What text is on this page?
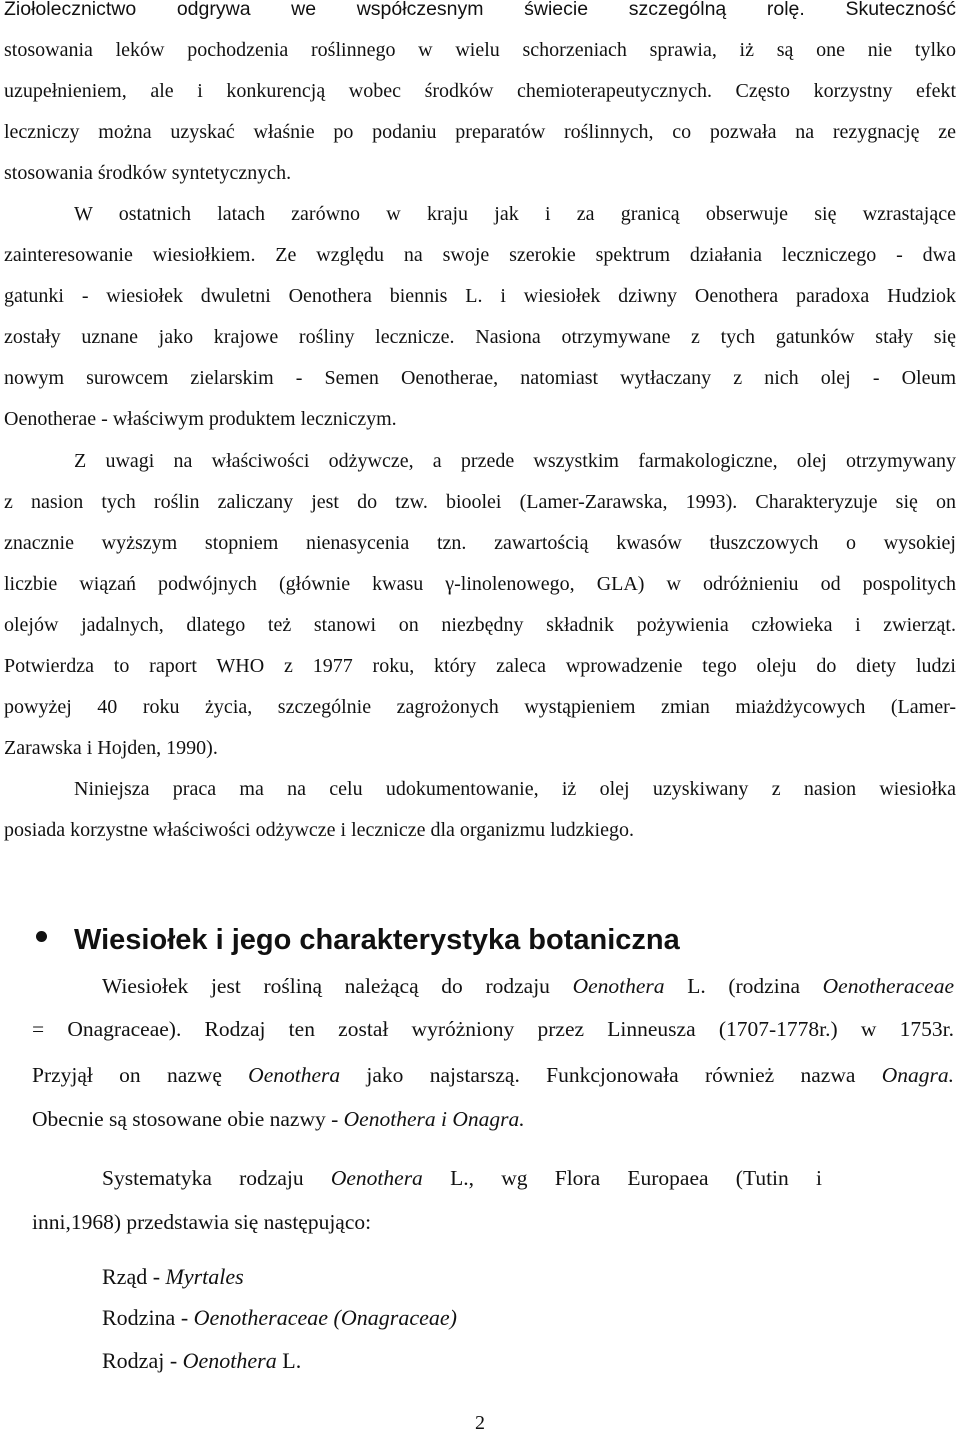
Ziołolecznictwo odgrywa we współczesnym świecie szczególną rolę. Skuteczność
stosowania leków pochodzenia roślinnego w wielu schorzeniach sprawia, iż są one nie tylko
uzupełnieniem, ale i konkurencją wobec środków chemioterapeutycznych. Często korzystny efekt
leczniczy można uzyskać właśnie po podaniu preparatów roślinnych, co pozwała na rezygnację ze
stosowania środków syntetycznych.
W ostatnich latach zarówno w kraju jak i za granicą obserwuje się wzrastające
zainteresowanie wiesiołkiem. Ze względu na swoje szerokie spektrum działania leczniczego - dwa
gatunki - wiesiołek dwuletni Oenothera biennis L. i wiesiołek dziwny Oenothera paradoxa Hudziok
zostały uznane jako krajowe rośliny lecznicze. Nasiona otrzymywane z tych gatunków stały się
nowym surowcem zielarskim - Semen Oenotherae, natomiast wytłaczany z nich olej - Oleum
Oenotherae - właściwym produktem leczniczym.
Z uwagi na właściwości odżywcze, a przede wszystkim farmakologiczne, olej otrzymywany
z nasion tych roślin zaliczany jest do tzw. bioolei (Lamer-Zarawska, 1993). Charakteryzuje się on
znacznie wyższym stopniem nienasycenia tzn. zawartością kwasów tłuszczowych o wysokiej
liczbie wiązań podwójnych (głównie kwasu γ-linolenowego, GLA) w odróżnieniu od pospolitych
olejów jadalnych, dlatego też stanowi on niezbędny składnik pożywienia człowieka i zwierząt.
Potwierdza to raport WHO z 1977 roku, który zaleca wprowadzenie tego oleju do diety ludzi
powyżej 40 roku życia, szczególnie zagrożonych wystąpieniem zmian miażdżycowych (Lamer-
Zarawska i Hojden, 1990).
Niniejsza praca ma na celu udokumentowanie, iż olej uzyskiwany z nasion wiesiołka
posiada korzystne właściwości odżywcze i lecznicze dla organizmu ludzkiego.
Wiesiołek i jego charakterystyka botaniczna
Wiesiołek jest rośliną należącą do rodzaju Oenothera L. (rodzina Oenotheraceae
= Onagraceae). Rodzaj ten został wyróżniony przez Linneusza (1707-1778r.) w 1753r.
Przyjął on nazwę Oenothera jako najstarszą. Funkcjonowała również nazwa Onagra.
Obecnie są stosowane obie nazwy - Oenothera i Onagra.
Systematyka rodzaju Oenothera L., wg Flora Europaea (Tutin i
inni,1968) przedstawia się następująco:
Rząd - Myrtales
Rodzina - Oenotheraceae (Onagraceae)
Rodzaj - Oenothera L.
2
